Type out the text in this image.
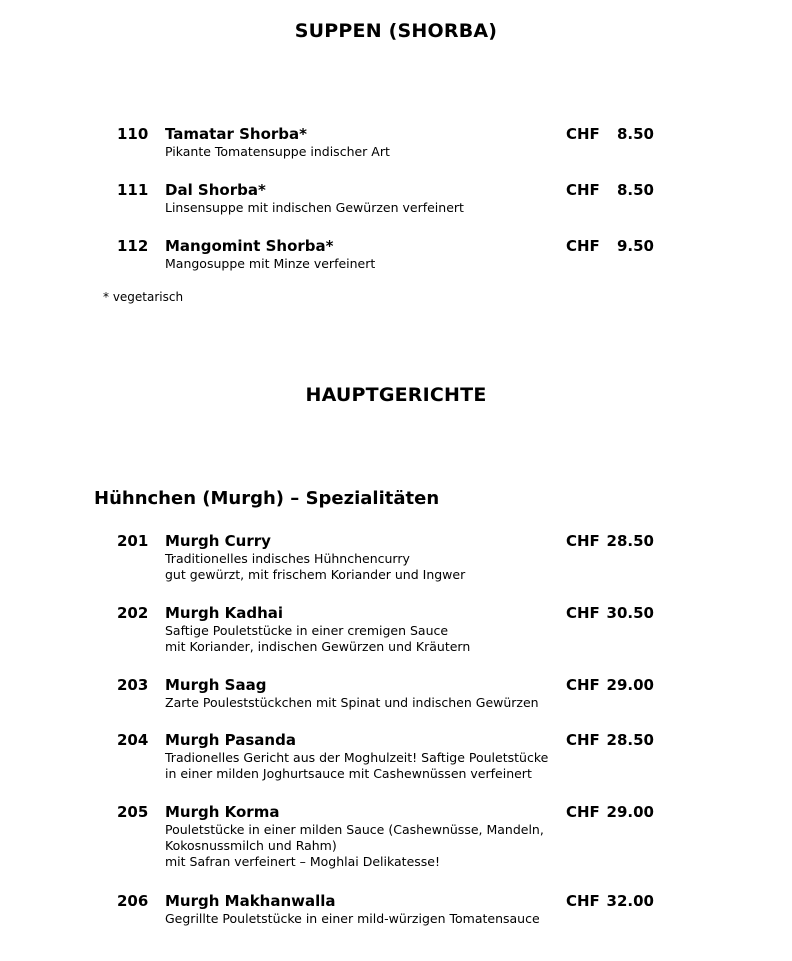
SUPPEN (SHORBA)
110 Tamatar Shorba*	CHF	8.50
Pikante Tomatensuppe indischer Art
111 Dal Shorba*	CHF	8.50
Linsensuppe mit indischen Gewürzen verfeinert
112 Mangomint Shorba*	CHF	9.50
Mangosuppe mit Minze verfeinert
* vegetarisch
HAUPTGERICHTE
Hühnchen (Murgh) – Spezialitäten
201 Murgh Curry	CHF 28.50
Traditionelles indisches Hühnchencurry
gut gewürzt, mit frischem Koriander und Ingwer
202 Murgh Kadhai	CHF 30.50
Saftige Pouletstücke in einer cremigen Sauce
mit Koriander, indischen Gewürzen und Kräutern
203 Murgh Saag	CHF 29.00
Zarte Pouleststückchen mit Spinat und indischen Gewürzen
204 Murgh Pasanda	CHF 28.50
Tradionelles Gericht aus der Moghulzeit! Saftige Pouletstücke
in einer milden Joghurtsauce mit Cashewnüssen verfeinert
205 Murgh Korma	CHF 29.00
Pouletstücke in einer milden Sauce (Cashewnüsse, Mandeln,
Kokosnussmilch und Rahm)
mit Safran verfeinert – Moghlai Delikatesse!
206 Murgh Makhanwalla	CHF 32.00
Gegrillte Pouletstücke in einer mild-würzigen Tomatensauce
